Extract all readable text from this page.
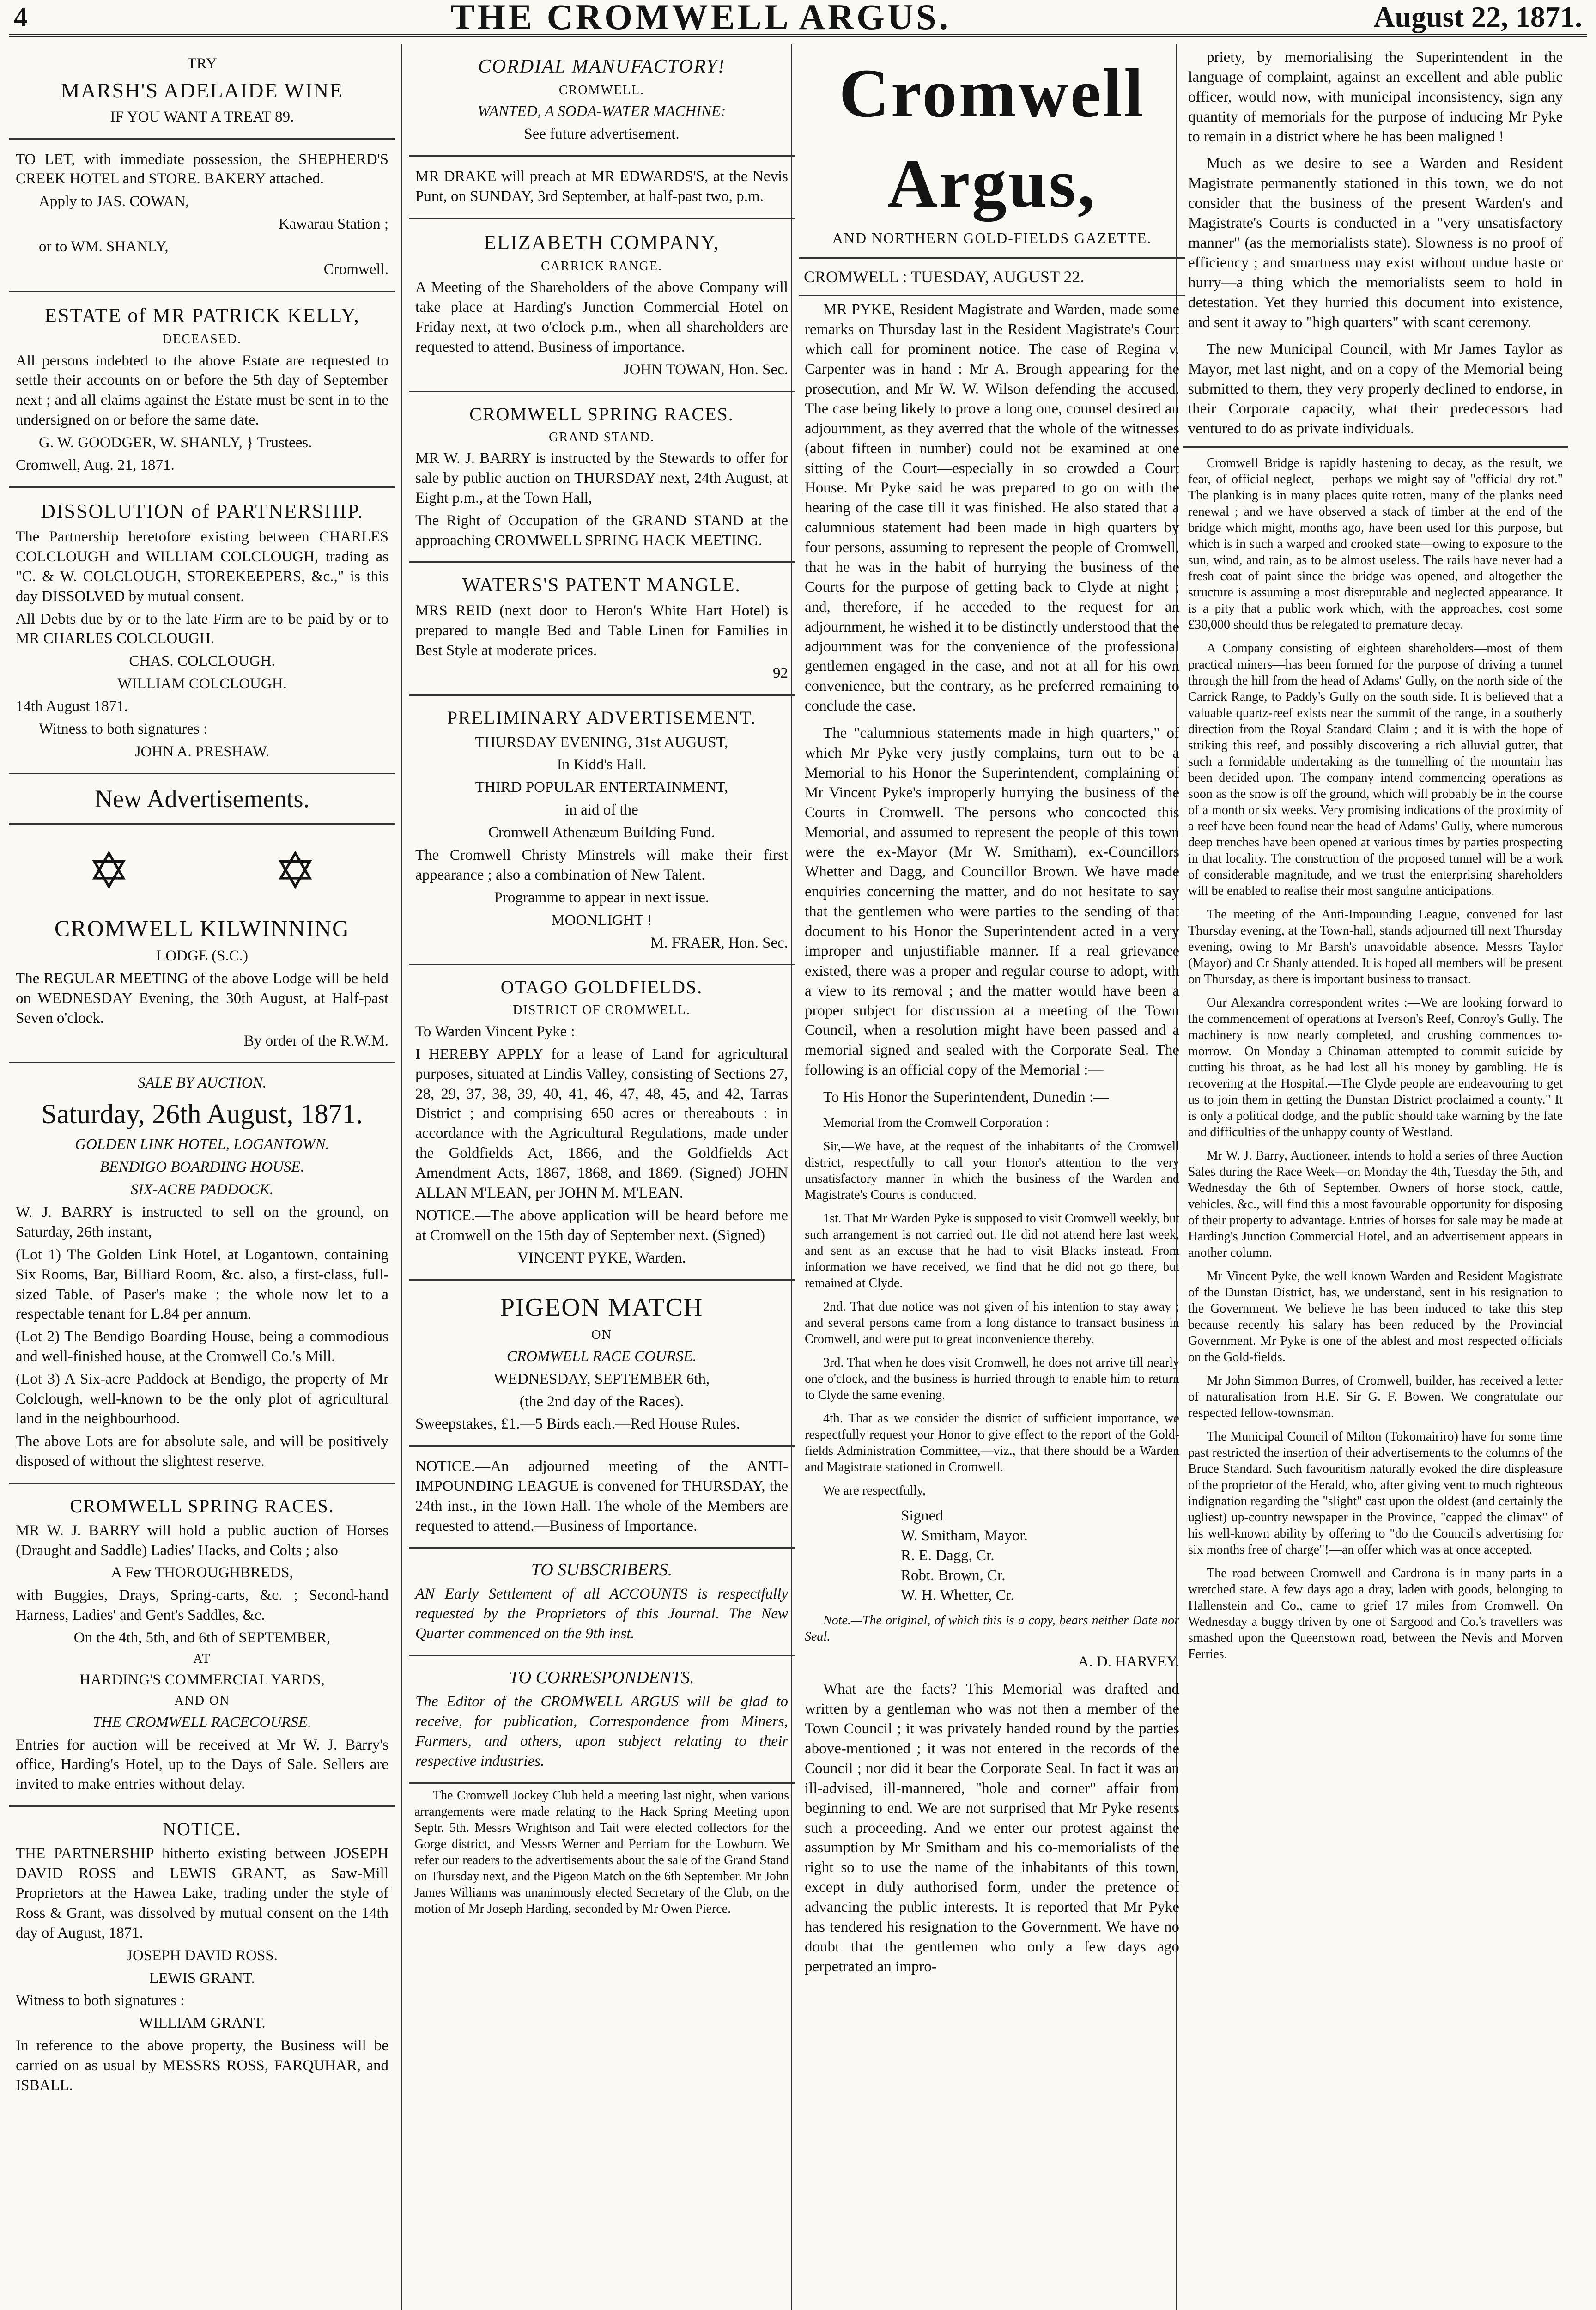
4	THE CROMWELL ARGUS.	August 22, 1871.

TRY

MARSH'S ADELAIDE WINE

IF YOU WANT A TREAT 89.

TO LET, with immediate possession, the SHEPHERD'S CREEK HOTEL and STORE. BAKERY attached.

Apply to JAS. COWAN,

Kawarau Station ;

or to WM. SHANLY,

Cromwell.

ESTATE of MR PATRICK KELLY,

DECEASED.

All persons indebted to the above Estate are requested to settle their accounts on or before the 5th day of September next ; and all claims against the Estate must be sent in to the undersigned on or before the same date.

G. W. GOODGER, W. SHANLY, } Trustees.

Cromwell, Aug. 21, 1871.

DISSOLUTION of PARTNERSHIP.

The Partnership heretofore existing between CHARLES COLCLOUGH and WILLIAM COLCLOUGH, trading as "C. & W. COLCLOUGH, STOREKEEPERS, &c.," is this day DISSOLVED by mutual consent.

All Debts due by or to the late Firm are to be paid by or to MR CHARLES COLCLOUGH.

CHAS. COLCLOUGH.

WILLIAM COLCLOUGH.

14th August 1871.

Witness to both signatures :

JOHN A. PRESHAW.

New Advertisements.
✡	✡

CROMWELL KILWINNING

LODGE (S.C.)

The REGULAR MEETING of the above Lodge will be held on WEDNESDAY Evening, the 30th August, at Half-past Seven o'clock.

By order of the R.W.M.

SALE BY AUCTION.

Saturday, 26th August, 1871.

GOLDEN LINK HOTEL, LOGANTOWN.

BENDIGO BOARDING HOUSE.

SIX-ACRE PADDOCK.

W. J. BARRY is instructed to sell on the ground, on Saturday, 26th instant,

(Lot 1) The Golden Link Hotel, at Logantown, containing Six Rooms, Bar, Billiard Room, &c. also, a first-class, full-sized Table, of Paser's make ; the whole now let to a respectable tenant for L.84 per annum.

(Lot 2) The Bendigo Boarding House, being a commodious and well-finished house, at the Cromwell Co.'s Mill.

(Lot 3) A Six-acre Paddock at Bendigo, the property of Mr Colclough, well-known to be the only plot of agricultural land in the neighbourhood.

The above Lots are for absolute sale, and will be positively disposed of without the slightest reserve.

CROMWELL SPRING RACES.

MR W. J. BARRY will hold a public auction of Horses (Draught and Saddle) Ladies' Hacks, and Colts ; also

A Few THOROUGHBREDS,

with Buggies, Drays, Spring-carts, &c. ; Second-hand Harness, Ladies' and Gent's Saddles, &c.

On the 4th, 5th, and 6th of SEPTEMBER,

AT

HARDING'S COMMERCIAL YARDS,

AND ON

THE CROMWELL RACECOURSE.

Entries for auction will be received at Mr W. J. Barry's office, Harding's Hotel, up to the Days of Sale. Sellers are invited to make entries without delay.

NOTICE.

THE PARTNERSHIP hitherto existing between JOSEPH DAVID ROSS and LEWIS GRANT, as Saw-Mill Proprietors at the Hawea Lake, trading under the style of Ross & Grant, was dissolved by mutual consent on the 14th day of August, 1871.

JOSEPH DAVID ROSS.

LEWIS GRANT.

Witness to both signatures :

WILLIAM GRANT.

In reference to the above property, the Business will be carried on as usual by MESSRS ROSS, FARQUHAR, and ISBALL.

CORDIAL MANUFACTORY!

CROMWELL.

WANTED, A SODA-WATER MACHINE:

See future advertisement.

MR DRAKE will preach at MR EDWARDS'S, at the Nevis Punt, on SUNDAY, 3rd September, at half-past two, p.m.

ELIZABETH COMPANY,

CARRICK RANGE.

A Meeting of the Shareholders of the above Company will take place at Harding's Junction Commercial Hotel on Friday next, at two o'clock p.m., when all shareholders are requested to attend. Business of importance.

JOHN TOWAN, Hon. Sec.

CROMWELL SPRING RACES.

GRAND STAND.

MR W. J. BARRY is instructed by the Stewards to offer for sale by public auction on THURSDAY next, 24th August, at Eight p.m., at the Town Hall,

The Right of Occupation of the GRAND STAND at the approaching CROMWELL SPRING HACK MEETING.

WATERS'S PATENT MANGLE.

MRS REID (next door to Heron's White Hart Hotel) is prepared to mangle Bed and Table Linen for Families in Best Style at moderate prices.

92

PRELIMINARY ADVERTISEMENT.

THURSDAY EVENING, 31st AUGUST,

In Kidd's Hall.

THIRD POPULAR ENTERTAINMENT,

in aid of the

Cromwell Athenæum Building Fund.

The Cromwell Christy Minstrels will make their first appearance ; also a combination of New Talent.

Programme to appear in next issue.

MOONLIGHT !

M. FRAER, Hon. Sec.

OTAGO GOLDFIELDS.

DISTRICT OF CROMWELL.

To Warden Vincent Pyke :

I HEREBY APPLY for a lease of Land for agricultural purposes, situated at Lindis Valley, consisting of Sections 27, 28, 29, 37, 38, 39, 40, 41, 46, 47, 48, 45, and 42, Tarras District ; and comprising 650 acres or thereabouts : in accordance with the Agricultural Regulations, made under the Goldfields Act, 1866, and the Goldfields Act Amendment Acts, 1867, 1868, and 1869. (Signed) JOHN ALLAN M'LEAN, per JOHN M. M'LEAN.

NOTICE.—The above application will be heard before me at Cromwell on the 15th day of September next. (Signed)

VINCENT PYKE, Warden.

PIGEON MATCH

ON

CROMWELL RACE COURSE.

WEDNESDAY, SEPTEMBER 6th,

(the 2nd day of the Races).

Sweepstakes, £1.—5 Birds each.—Red House Rules.

NOTICE.—An adjourned meeting of the ANTI-IMPOUNDING LEAGUE is convened for THURSDAY, the 24th inst., in the Town Hall. The whole of the Members are requested to attend.—Business of Importance.

TO SUBSCRIBERS.

AN Early Settlement of all ACCOUNTS is respectfully requested by the Proprietors of this Journal. The New Quarter commenced on the 9th inst.

TO CORRESPONDENTS.

The Editor of the CROMWELL ARGUS will be glad to receive, for publication, Correspondence from Miners, Farmers, and others, upon subject relating to their respective industries.

The Cromwell Jockey Club held a meeting last night, when various arrangements were made relating to the Hack Spring Meeting upon Septr. 5th. Messrs Wrightson and Tait were elected collectors for the Gorge district, and Messrs Werner and Perriam for the Lowburn. We refer our readers to the advertisements about the sale of the Grand Stand on Thursday next, and the Pigeon Match on the 6th September. Mr John James Williams was unanimously elected Secretary of the Club, on the motion of Mr Joseph Harding, seconded by Mr Owen Pierce.

Cromwell Argus,
AND NORTHERN GOLD-FIELDS GAZETTE.
CROMWELL : TUESDAY, AUGUST 22.

MR PYKE, Resident Magistrate and Warden, made some remarks on Thursday last in the Resident Magistrate's Court which call for prominent notice. The case of Regina v. Carpenter was in hand : Mr A. Brough appearing for the prosecution, and Mr W. W. Wilson defending the accused. The case being likely to prove a long one, counsel desired an adjournment, as they averred that the whole of the witnesses (about fifteen in number) could not be examined at one sitting of the Court—especially in so crowded a Court House. Mr Pyke said he was prepared to go on with the hearing of the case till it was finished. He also stated that a calumnious statement had been made in high quarters by four persons, assuming to represent the people of Cromwell, that he was in the habit of hurrying the business of the Courts for the purpose of getting back to Clyde at night ; and, therefore, if he acceded to the request for an adjournment, he wished it to be distinctly understood that the adjournment was for the convenience of the professional gentlemen engaged in the case, and not at all for his own convenience, but the contrary, as he preferred remaining to conclude the case.

The "calumnious statements made in high quarters," of which Mr Pyke very justly complains, turn out to be a Memorial to his Honor the Superintendent, complaining of Mr Vincent Pyke's improperly hurrying the business of the Courts in Cromwell. The persons who concocted this Memorial, and assumed to represent the people of this town were the ex-Mayor (Mr W. Smitham), ex-Councillors Whetter and Dagg, and Councillor Brown. We have made enquiries concerning the matter, and do not hesitate to say that the gentlemen who were parties to the sending of that document to his Honor the Superintendent acted in a very improper and unjustifiable manner. If a real grievance existed, there was a proper and regular course to adopt, with a view to its removal ; and the matter would have been a proper subject for discussion at a meeting of the Town Council, when a resolution might have been passed and a memorial signed and sealed with the Corporate Seal. The following is an official copy of the Memorial :—

To His Honor the Superintendent, Dunedin :—

Memorial from the Cromwell Corporation :

Sir,—We have, at the request of the inhabitants of the Cromwell district, respectfully to call your Honor's attention to the very unsatisfactory manner in which the business of the Warden and Magistrate's Courts is conducted.

1st. That Mr Warden Pyke is supposed to visit Cromwell weekly, but such arrangement is not carried out. He did not attend here last week, and sent as an excuse that he had to visit Blacks instead. From information we have received, we find that he did not go there, but remained at Clyde.

2nd. That due notice was not given of his intention to stay away ; and several persons came from a long distance to transact business in Cromwell, and were put to great inconvenience thereby.

3rd. That when he does visit Cromwell, he does not arrive till nearly one o'clock, and the business is hurried through to enable him to return to Clyde the same evening.

4th. That as we consider the district of sufficient importance, we respectfully request your Honor to give effect to the report of the Gold-fields Administration Committee,—viz., that there should be a Warden and Magistrate stationed in Cromwell.

We are respectfully,

Signed
W. Smitham, Mayor.
R. E. Dagg, Cr.
Robt. Brown, Cr.
W. H. Whetter, Cr.

Note.—The original, of which this is a copy, bears neither Date nor Seal.

A. D. HARVEY.

What are the facts? This Memorial was drafted and written by a gentleman who was not then a member of the Town Council ; it was privately handed round by the parties above-mentioned ; it was not entered in the records of the Council ; nor did it bear the Corporate Seal. In fact it was an ill-advised, ill-mannered, "hole and corner" affair from beginning to end. We are not surprised that Mr Pyke resents such a proceeding. And we enter our protest against the assumption by Mr Smitham and his co-memorialists of the right so to use the name of the inhabitants of this town, except in duly authorised form, under the pretence of advancing the public interests. It is reported that Mr Pyke has tendered his resignation to the Government. We have no doubt that the gentlemen who only a few days ago perpetrated an impro-

priety, by memorialising the Superintendent in the language of complaint, against an excellent and able public officer, would now, with municipal inconsistency, sign any quantity of memorials for the purpose of inducing Mr Pyke to remain in a district where he has been maligned !

Much as we desire to see a Warden and Resident Magistrate permanently stationed in this town, we do not consider that the business of the present Warden's and Magistrate's Courts is conducted in a "very unsatisfactory manner" (as the memorialists state). Slowness is no proof of efficiency ; and smartness may exist without undue haste or hurry—a thing which the memorialists seem to hold in detestation. Yet they hurried this document into existence, and sent it away to "high quarters" with scant ceremony.

The new Municipal Council, with Mr James Taylor as Mayor, met last night, and on a copy of the Memorial being submitted to them, they very properly declined to endorse, in their Corporate capacity, what their predecessors had ventured to do as private individuals.

Cromwell Bridge is rapidly hastening to decay, as the result, we fear, of official neglect, —perhaps we might say of "official dry rot." The planking is in many places quite rotten, many of the planks need renewal ; and we have observed a stack of timber at the end of the bridge which might, months ago, have been used for this purpose, but which is in such a warped and crooked state—owing to exposure to the sun, wind, and rain, as to be almost useless. The rails have never had a fresh coat of paint since the bridge was opened, and altogether the structure is assuming a most disreputable and neglected appearance. It is a pity that a public work which, with the approaches, cost some £30,000 should thus be relegated to premature decay.

A Company consisting of eighteen shareholders—most of them practical miners—has been formed for the purpose of driving a tunnel through the hill from the head of Adams' Gully, on the north side of the Carrick Range, to Paddy's Gully on the south side. It is believed that a valuable quartz-reef exists near the summit of the range, in a southerly direction from the Royal Standard Claim ; and it is with the hope of striking this reef, and possibly discovering a rich alluvial gutter, that such a formidable undertaking as the tunnelling of the mountain has been decided upon. The company intend commencing operations as soon as the snow is off the ground, which will probably be in the course of a month or six weeks. Very promising indications of the proximity of a reef have been found near the head of Adams' Gully, where numerous deep trenches have been opened at various times by parties prospecting in that locality. The construction of the proposed tunnel will be a work of considerable magnitude, and we trust the enterprising shareholders will be enabled to realise their most sanguine anticipations.

The meeting of the Anti-Impounding League, convened for last Thursday evening, at the Town-hall, stands adjourned till next Thursday evening, owing to Mr Barsh's unavoidable absence. Messrs Taylor (Mayor) and Cr Shanly attended. It is hoped all members will be present on Thursday, as there is important business to transact.

Our Alexandra correspondent writes :—We are looking forward to the commencement of operations at Iverson's Reef, Conroy's Gully. The machinery is now nearly completed, and crushing commences to-morrow.—On Monday a Chinaman attempted to commit suicide by cutting his throat, as he had lost all his money by gambling. He is recovering at the Hospital.—The Clyde people are endeavouring to get us to join them in getting the Dunstan District proclaimed a county." It is only a political dodge, and the public should take warning by the fate and difficulties of the unhappy county of Westland.

Mr W. J. Barry, Auctioneer, intends to hold a series of three Auction Sales during the Race Week—on Monday the 4th, Tuesday the 5th, and Wednesday the 6th of September. Owners of horse stock, cattle, vehicles, &c., will find this a most favourable opportunity for disposing of their property to advantage. Entries of horses for sale may be made at Harding's Junction Commercial Hotel, and an advertisement appears in another column.

Mr Vincent Pyke, the well known Warden and Resident Magistrate of the Dunstan District, has, we understand, sent in his resignation to the Government. We believe he has been induced to take this step because recently his salary has been reduced by the Provincial Government. Mr Pyke is one of the ablest and most respected officials on the Gold-fields.

Mr John Simmon Burres, of Cromwell, builder, has received a letter of naturalisation from H.E. Sir G. F. Bowen. We congratulate our respected fellow-townsman.

The Municipal Council of Milton (Tokomairiro) have for some time past restricted the insertion of their advertisements to the columns of the Bruce Standard. Such favouritism naturally evoked the dire displeasure of the proprietor of the Herald, who, after giving vent to much righteous indignation regarding the "slight" cast upon the oldest (and certainly the ugliest) up-country newspaper in the Province, "capped the climax" of his well-known ability by offering to "do the Council's advertising for six months free of charge"!—an offer which was at once accepted.

The road between Cromwell and Cardrona is in many parts in a wretched state. A few days ago a dray, laden with goods, belonging to Hallenstein and Co., came to grief 17 miles from Cromwell. On Wednesday a buggy driven by one of Sargood and Co.'s travellers was smashed upon the Queenstown road, between the Nevis and Morven Ferries.
